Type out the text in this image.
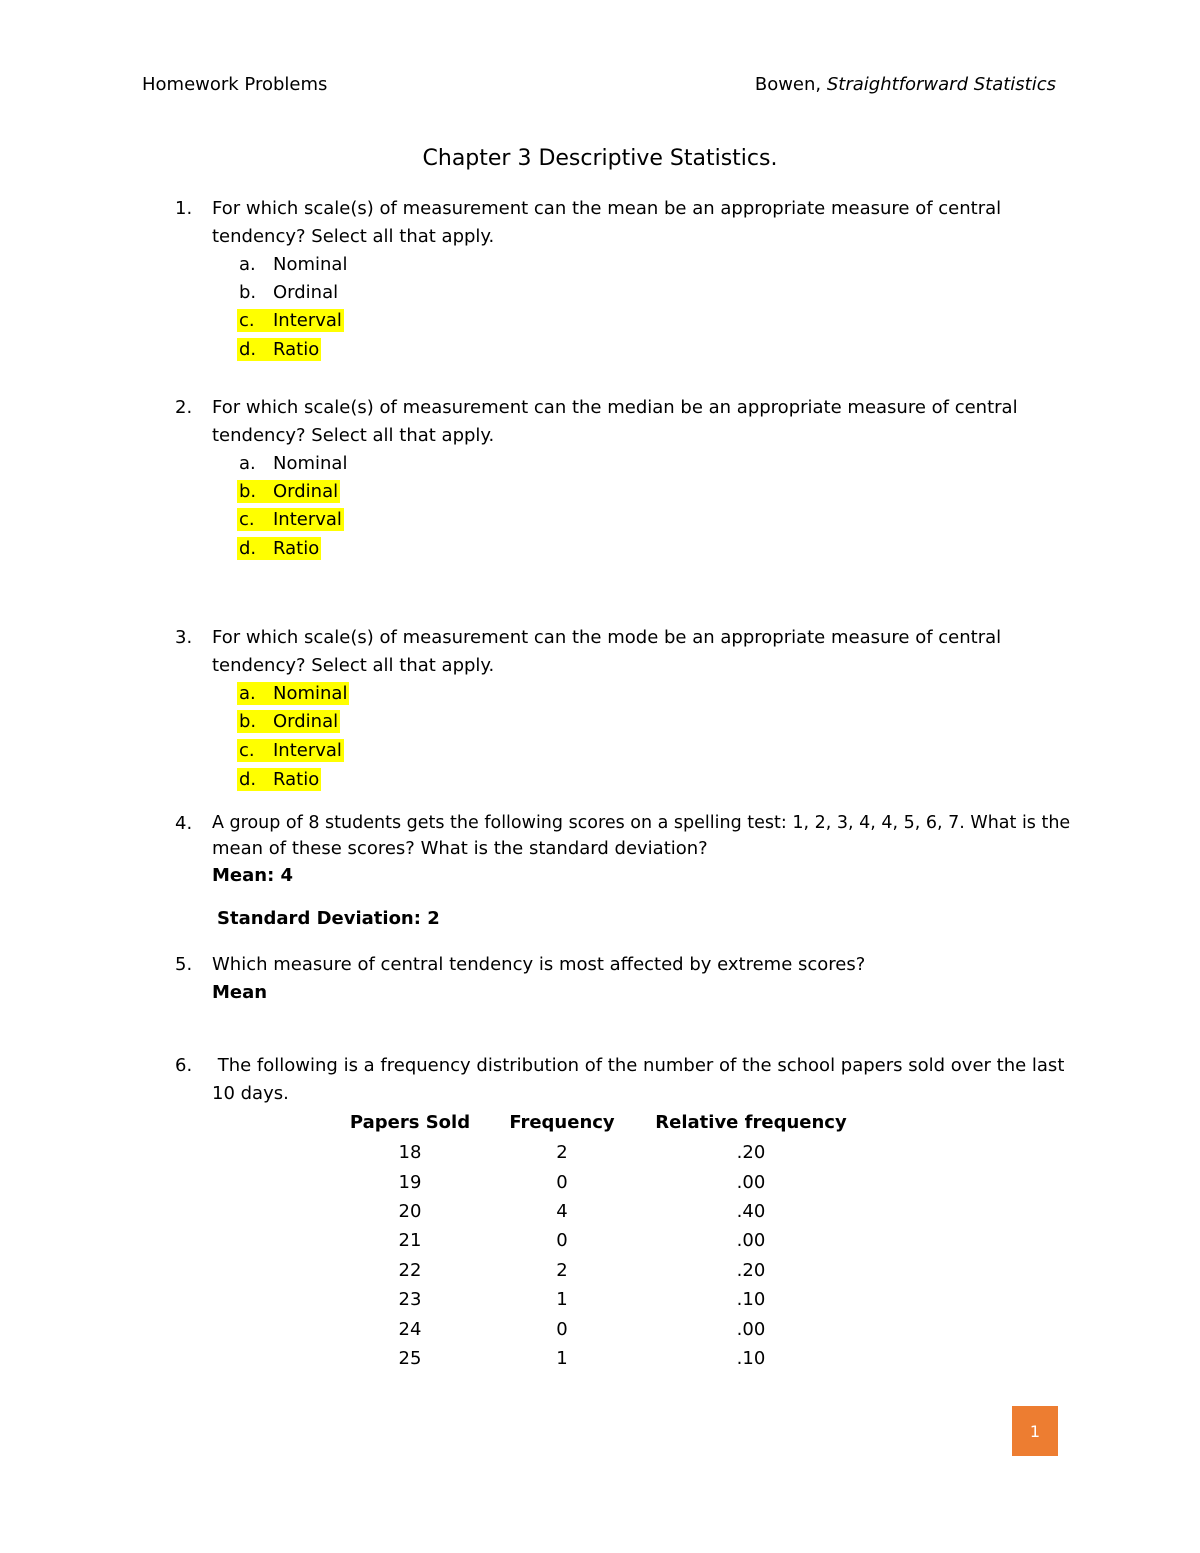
Homework Problems	Bowen, Straightforward Statistics
Chapter 3 Descriptive Statistics.
1. For which scale(s) of measurement can the mean be an appropriate measure of central
tendency? Select all that apply.
a. Nominal
b. Ordinal
c. Interval
d. Ratio
2. For which scale(s) of measurement can the median be an appropriate measure of central
tendency? Select all that apply.
a. Nominal
b. Ordinal
c. Interval
d. Ratio
3. For which scale(s) of measurement can the mode be an appropriate measure of central
tendency? Select all that apply.
a. Nominal
b. Ordinal
c. Interval
d. Ratio
4. A group of 8 students gets the following scores on a spelling test: 1, 2, 3, 4, 4, 5, 6, 7. What is the
mean of these scores? What is the standard deviation?
Mean: 4
Standard Deviation: 2
5. Which measure of central tendency is most affected by extreme scores?
Mean
6. The following is a frequency distribution of the number of the school papers sold over the last
10 days.
Papers Sold	Frequency	Relative frequency
18	2	.20
19	0	.00
20	4	.40
21	0	.00
22	2	.20
23	1	.10
24	0	.00
25	1	.10
1
